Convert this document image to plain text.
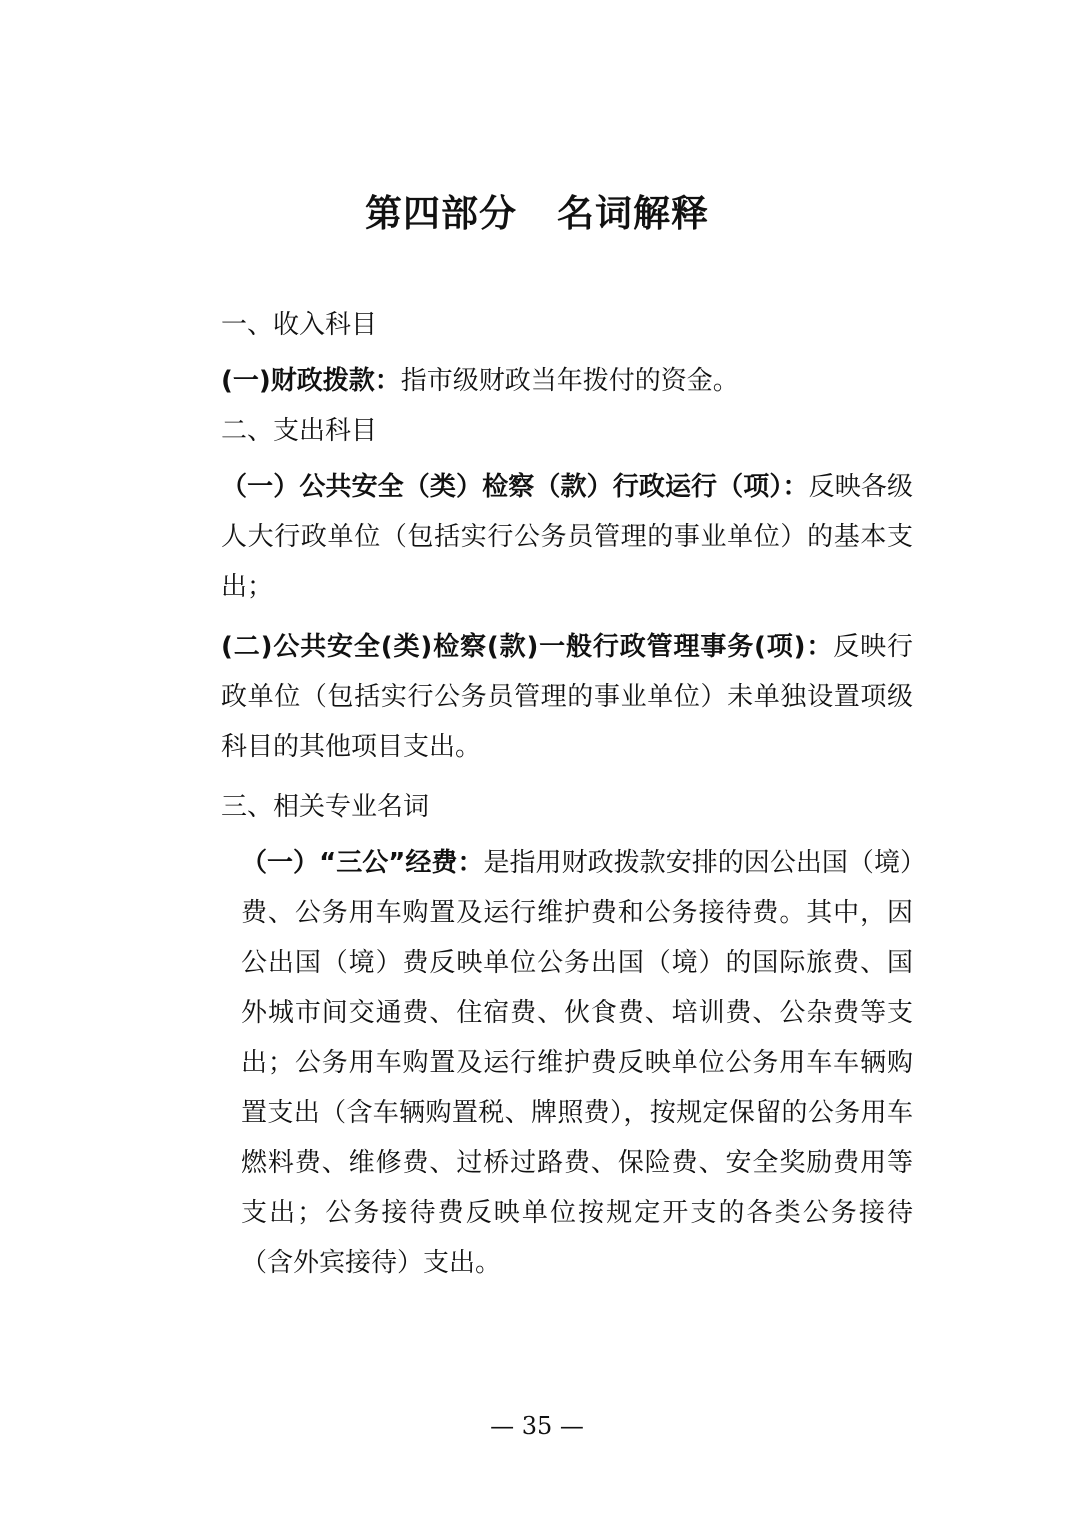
第四部分 名词解释

一、收入科目

(一)财政拨款：指市级财政当年拨付的资金。

二、支出科目

（一）公共安全（类）检察（款）行政运行（项）：反映各级人大行政单位（包括实行公务员管理的事业单位）的基本支出；

(二)公共安全(类)检察(款)一般行政管理事务(项)：反映行政单位（包括实行公务员管理的事业单位）未单独设置项级科目的其他项目支出。

三、相关专业名词

（一）“三公”经费：是指用财政拨款安排的因公出国（境）费、公务用车购置及运行维护费和公务接待费。其中，因公出国（境）费反映单位公务出国（境）的国际旅费、国外城市间交通费、住宿费、伙食费、培训费、公杂费等支出；公务用车购置及运行维护费反映单位公务用车车辆购置支出（含车辆购置税、牌照费），按规定保留的公务用车燃料费、维修费、过桥过路费、保险费、安全奖励费用等支出；公务接待费反映单位按规定开支的各类公务接待（含外宾接待）支出。

— 35 —
